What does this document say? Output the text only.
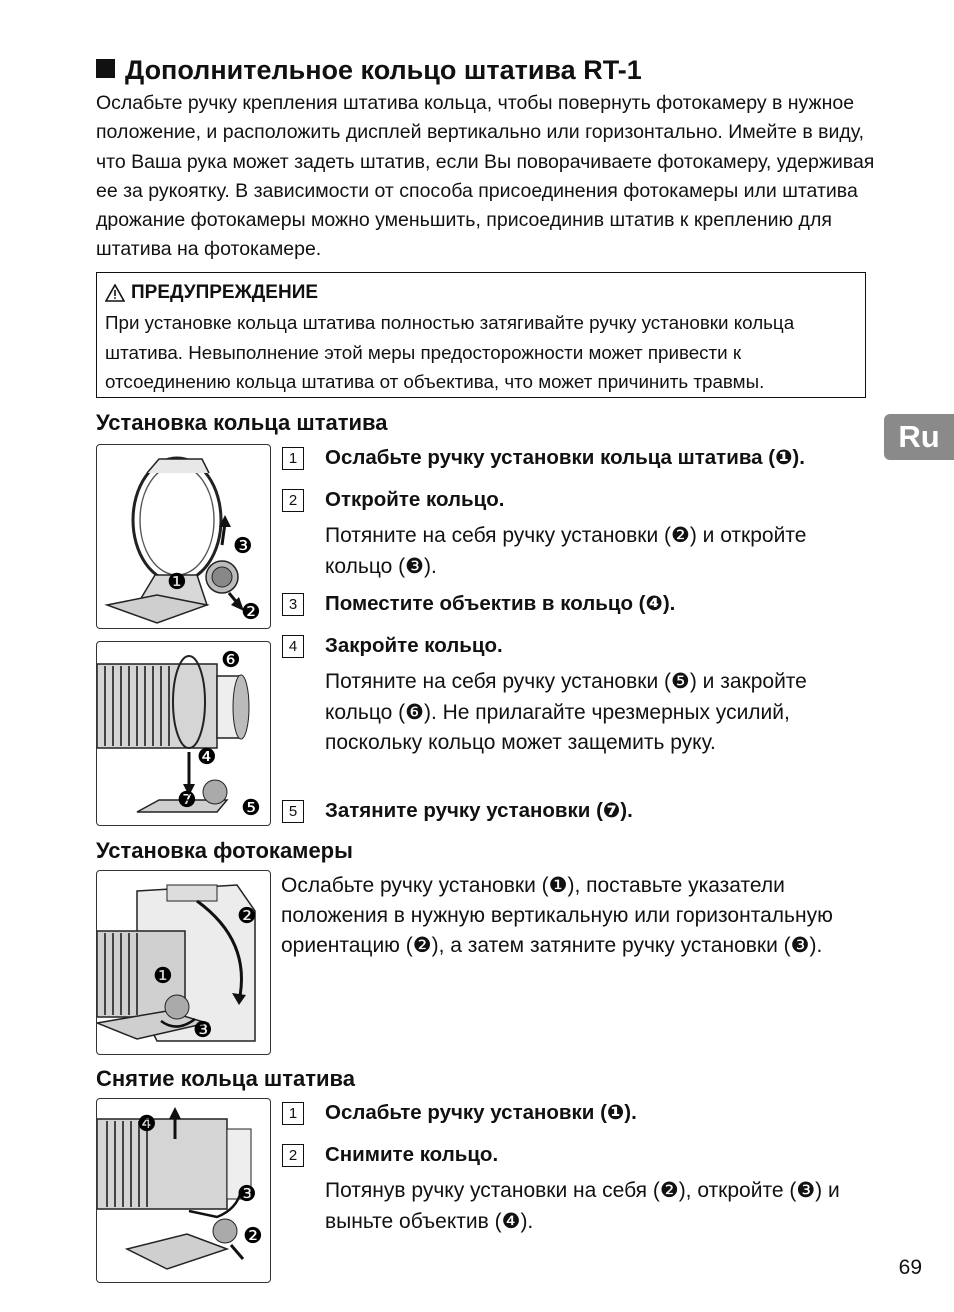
Дополнительное кольцо штатива RT-1
Ослабьте ручку крепления штатива кольца, чтобы повернуть фотокамеру в нужное положение, и расположить дисплей вертикально или горизонтально. Имейте в виду, что Ваша рука может задеть штатив, если Вы поворачиваете фотокамеру, удерживая ее за рукоятку. В зависимости от способа присоединения фотокамеры или штатива дрожание фотокамеры можно уменьшить, присоединив штатив к креплению для штатива на фотокамере.
ПРЕДУПРЕЖДЕНИЕ
При установке кольца штатива полностью затягивайте ручку установки кольца штатива. Невыполнение этой меры предосторожности может привести к отсоединению кольца штатива от объектива, что может причинить травмы.
Ru
Установка кольца штатива
❸
❶
❷
❻
❹
❼ ❺
1	Ослабьте ручку установки кольца штатива (❶).
2	Откройте кольцо.
Потяните на себя ручку установки (❷) и откройте кольцо (❸).
3	Поместите объектив в кольцо (❹).
4	Закройте кольцо.
Потяните на себя ручку установки (❺) и закройте кольцо (❻). Не прилагайте чрезмерных усилий, поскольку кольцо может защемить руку.
5	Затяните ручку установки (❼).
Установка фотокамеры
❷
❶
❸
Ослабьте ручку установки (❶), поставьте указатели положения в нужную вертикальную или горизонтальную ориентацию (❷), а затем затяните ручку установки (❸).
Снятие кольца штатива
❹
❸
❷
1	Ослабьте ручку установки (❶).
2	Снимите кольцо.
Потянув ручку установки на себя (❷), откройте (❸) и выньте объектив (❹).
69
